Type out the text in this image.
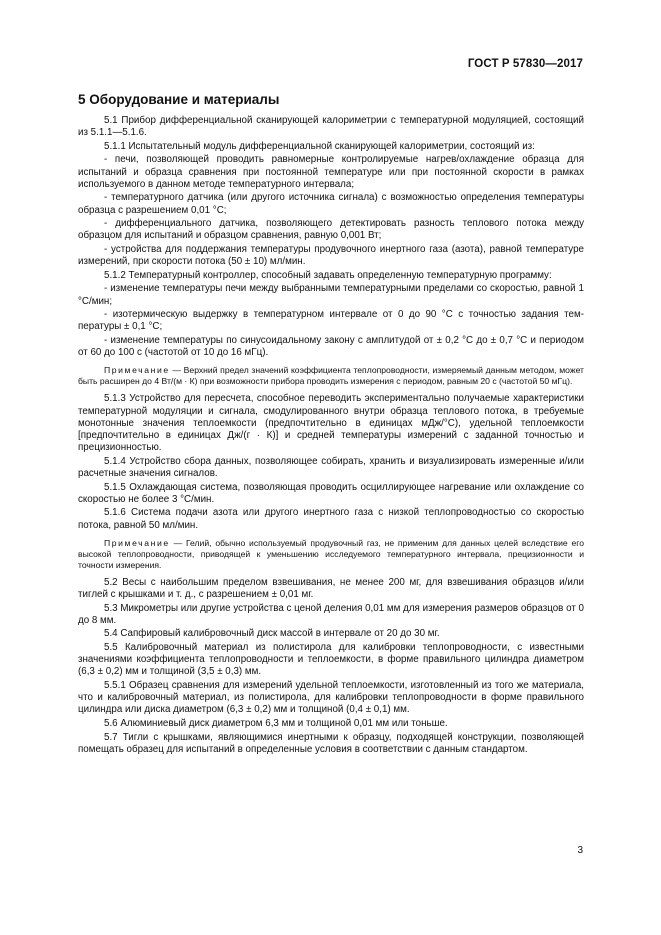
ГОСТ Р 57830—2017
5 Оборудование и материалы

5.1 Прибор дифференциальной сканирующей калориметрии с температурной модуляцией, состоящий из 5.1.1—5.1.6.

5.1.1 Испытательный модуль дифференциальной сканирующей калориметрии, состоящий из:

- печи, позволяющей проводить равномерные контролируемые нагрев/охлаждение образца для испытаний и образца сравнения при постоянной температуре или при постоянной скорости в рамках используемого в данном методе температурного интервала;

- температурного датчика (или другого источника сигнала) с возможностью определения температуры образца с разрешением 0,01 °C;

- дифференциального датчика, позволяющего детектировать разность теплового потока между образцом для испытаний и образцом сравнения, равную 0,001 Вт;

- устройства для поддержания температуры продувочного инертного газа (азота), равной температуре измерений, при скорости потока (50 ± 10) мл/мин.

5.1.2 Температурный контроллер, способный задавать определенную температурную программу:

- изменение температуры печи между выбранными температурными пределами со скоростью, равной 1 °C/мин;

- изотермическую выдержку в температурном интервале от 0 до 90 °C с точностью задания температуры ± 0,1 °C;

- изменение температуры по синусоидальному закону с амплитудой от ± 0,2 °C до ± 0,7 °C и периодом от 60 до 100 с (частотой от 10 до 16 мГц).

Примечание — Верхний предел значений коэффициента теплопроводности, измеряемый данным методом, может быть расширен до 4 Вт/(м · К) при возможности прибора проводить измерения с периодом, равным 20 с (частотой 50 мГц).

5.1.3 Устройство для пересчета, способное переводить экспериментально получаемые характеристики температурной модуляции и сигнала, смодулированного внутри образца теплового потока, в требуемые монотонные значения теплоемкости (предпочтительно в единицах мДж/°C), удельной теплоемкости [предпочтительно в единицах Дж/(г · К)] и средней температуры измерений с заданной точностью и прецизионностью.

5.1.4 Устройство сбора данных, позволяющее собирать, хранить и визуализировать измеренные и/или расчетные значения сигналов.

5.1.5 Охлаждающая система, позволяющая проводить осциллирующее нагревание или охлаждение со скоростью не более 3 °C/мин.

5.1.6 Система подачи азота или другого инертного газа с низкой теплопроводностью со скоростью потока, равной 50 мл/мин.

Примечание — Гелий, обычно используемый продувочный газ, не применим для данных целей вследствие его высокой теплопроводности, приводящей к уменьшению исследуемого температурного интервала, прецизионности и точности измерения.

5.2 Весы с наибольшим пределом взвешивания, не менее 200 мг, для взвешивания образцов и/или тиглей с крышками и т. д., с разрешением ± 0,01 мг.

5.3 Микрометры или другие устройства с ценой деления 0,01 мм для измерения размеров образцов от 0 до 8 мм.

5.4 Сапфировый калибровочный диск массой в интервале от 20 до 30 мг.

5.5 Калибровочный материал из полистирола для калибровки теплопроводности, с известными значениями коэффициента теплопроводности и теплоемкости, в форме правильного цилиндра диаметром (6,3 ± 0,2) мм и толщиной (3,5 ± 0,3) мм.

5.5.1 Образец сравнения для измерений удельной теплоемкости, изготовленный из того же материала, что и калибровочный материал, из полистирола, для калибровки теплопроводности в форме правильного цилиндра или диска диаметром (6,3 ± 0,2) мм и толщиной (0,4 ± 0,1) мм.

5.6 Алюминиевый диск диаметром 6,3 мм и толщиной 0,01 мм или тоньше.

5.7 Тигли с крышками, являющимися инертными к образцу, подходящей конструкции, позволяющей помещать образец для испытаний в определенные условия в соответствии с данным стандартом.

3
